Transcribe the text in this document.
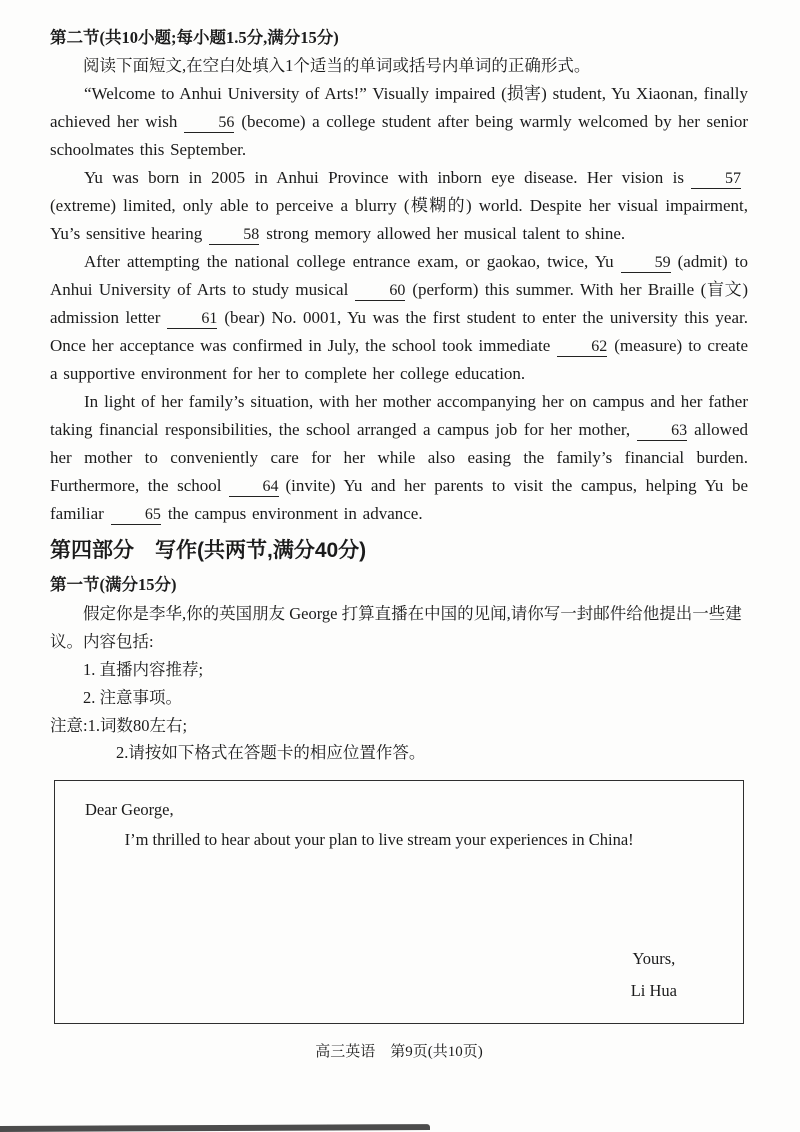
第二节(共10小题;每小题1.5分,满分15分)

阅读下面短文,在空白处填入1个适当的单词或括号内单词的正确形式。

“Welcome to Anhui University of Arts!” Visually impaired (损害) student, Yu Xiaonan, finally achieved her wish	56 (become) a college student after being warmly welcomed by her senior schoolmates this September.

Yu was born in 2005 in Anhui Province with inborn eye disease. Her vision is	57(extreme) limited, only able to perceive a blurry (模糊的) world. Despite her visual impairment, Yu’s sensitive hearing	58 strong memory allowed her musical talent to shine.

After attempting the national college entrance exam, or gaokao, twice, Yu	59 (admit) to Anhui University of Arts to study musical	60 (perform) this summer. With her Braille (盲文) admission letter	61 (bear) No. 0001, Yu was the first student to enter the university this year. Once her acceptance was confirmed in July, the school took immediate	62 (measure) to create a supportive environment for her to complete her college education.

In light of her family’s situation, with her mother accompanying her on campus and her father taking financial responsibilities, the school arranged a campus job for her mother,	63 allowed her mother to conveniently care for her while also easing the family’s financial burden. Furthermore, the school	64 (invite) Yu and her parents to visit the campus, helping Yu be familiar	65 the campus environment in advance.

第四部分　写作(共两节,满分40分)
第一节(满分15分)

假定你是李华,你的英国朋友 George 打算直播在中国的见闻,请你写一封邮件给他提出一些建议。内容包括:

1. 直播内容推荐;

2. 注意事项。

注意:1.词数80左右;

2.请按如下格式在答题卡的相应位置作答。

Dear George,

I’m thrilled to hear about your plan to live stream your experiences in China!

Yours,
Li Hua
高三英语　第9页(共10页)
